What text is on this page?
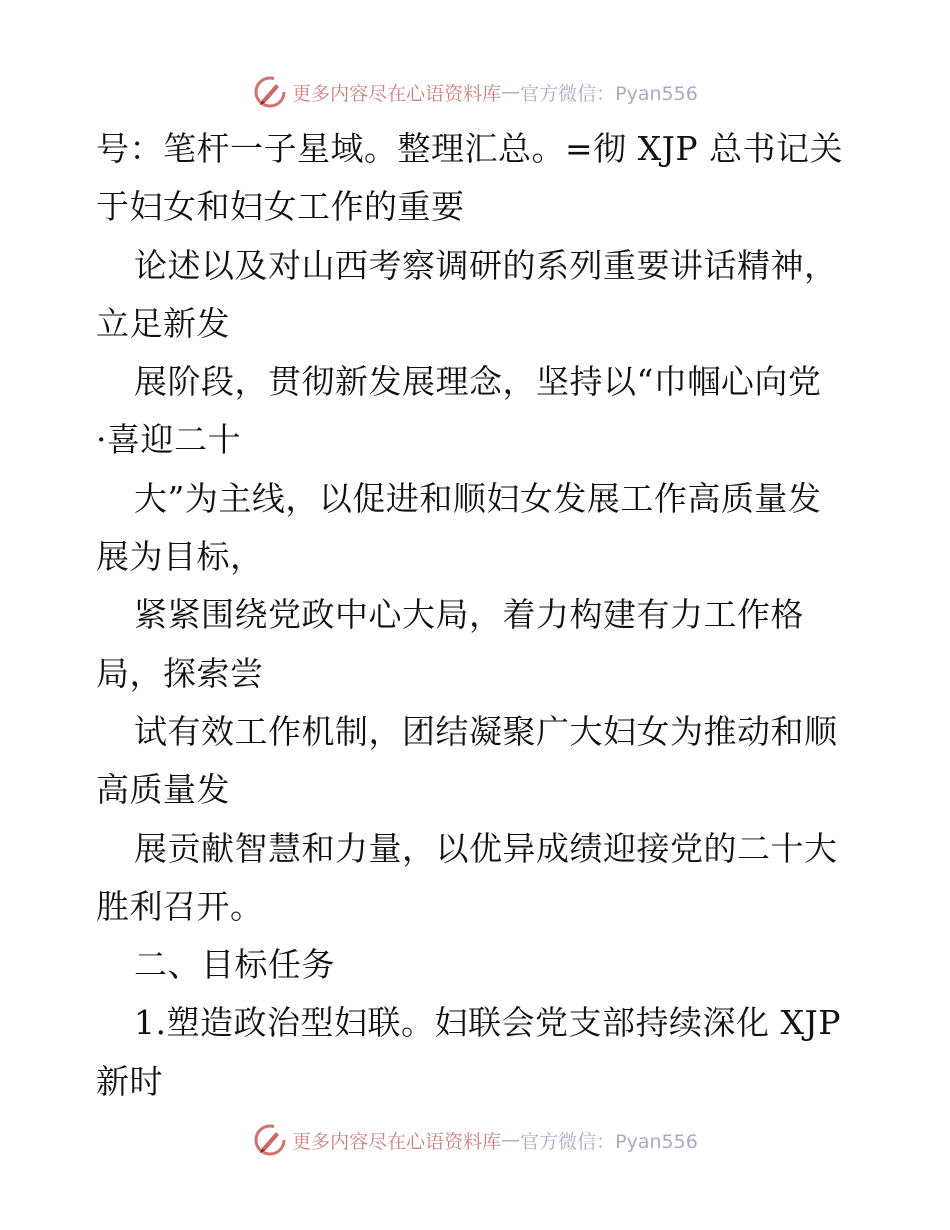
更多内容尽在心语资料库 — 官方微信：Pyan556
号：笔杆一子星域。整理汇总。=彻 XJP 总书记关
于妇女和妇女工作的重要
论述以及对山西考察调研的系列重要讲话精神，
立足新发
展阶段，贯彻新发展理念，坚持以“巾帼心向党
·喜迎二十
大”为主线，以促进和顺妇女发展工作高质量发
展为目标，
紧紧围绕党政中心大局，着力构建有力工作格
局，探索尝
试有效工作机制，团结凝聚广大妇女为推动和顺
高质量发
展贡献智慧和力量，以优异成绩迎接党的二十大
胜利召开。
二、目标任务
1.塑造政治型妇联。妇联会党支部持续深化 XJP
新时
更多内容尽在心语资料库 — 官方微信：Pyan556
